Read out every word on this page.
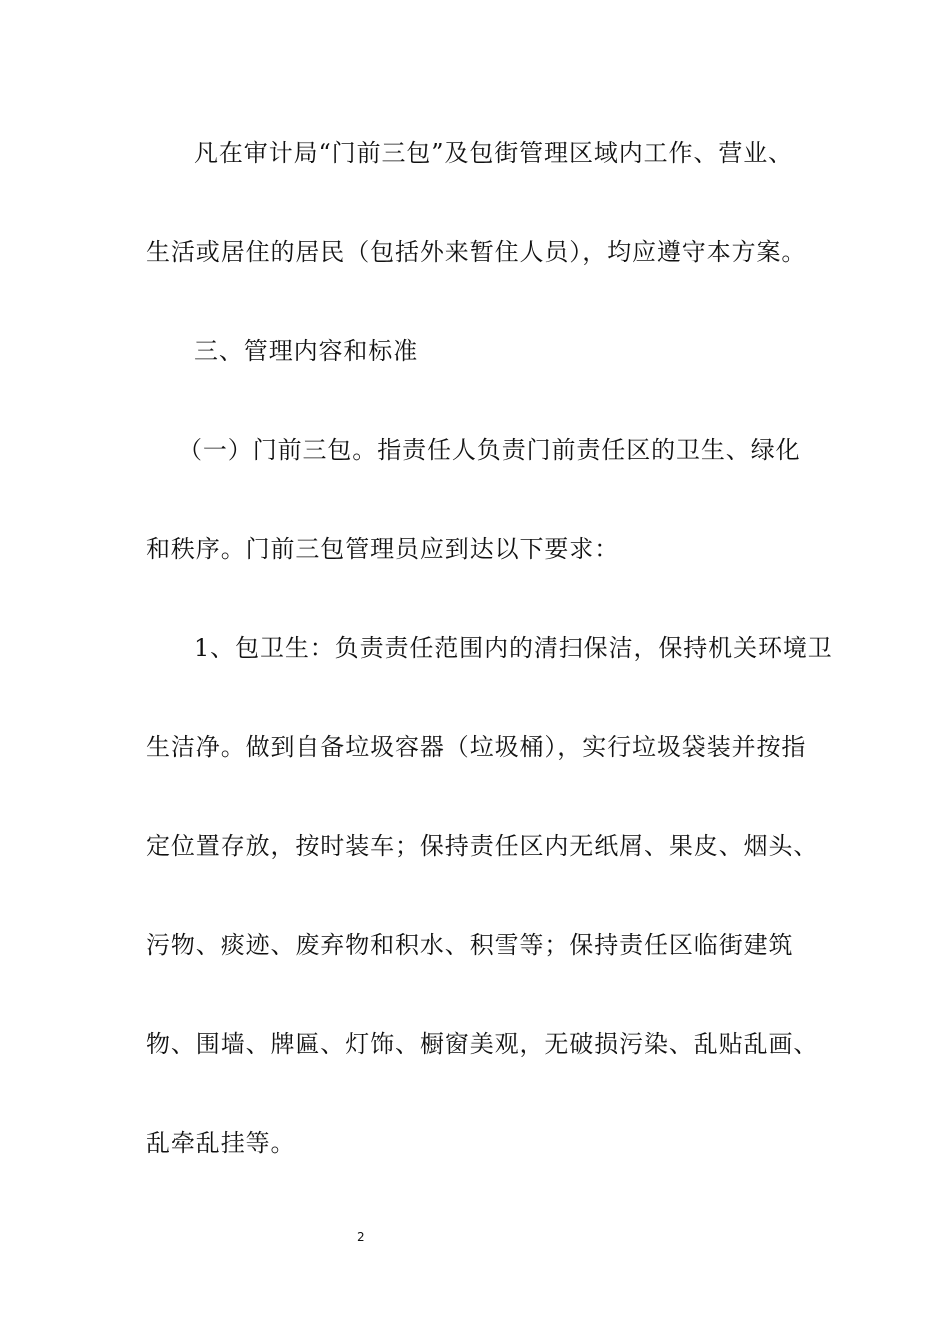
凡在审计局“门前三包”及包街管理区域内工作、营业、
生活或居住的居民（包括外来暂住人员），均应遵守本方案。
三、管理内容和标准
（一）门前三包。指责任人负责门前责任区的卫生、绿化
和秩序。门前三包管理员应到达以下要求：
1、包卫生：负责责任范围内的清扫保洁，保持机关环境卫
生洁净。做到自备垃圾容器（垃圾桶），实行垃圾袋装并按指
定位置存放，按时装车；保持责任区内无纸屑、果皮、烟头、
污物、痰迹、废弃物和积水、积雪等；保持责任区临街建筑
物、围墙、牌匾、灯饰、橱窗美观，无破损污染、乱贴乱画、
乱牵乱挂等。
2
